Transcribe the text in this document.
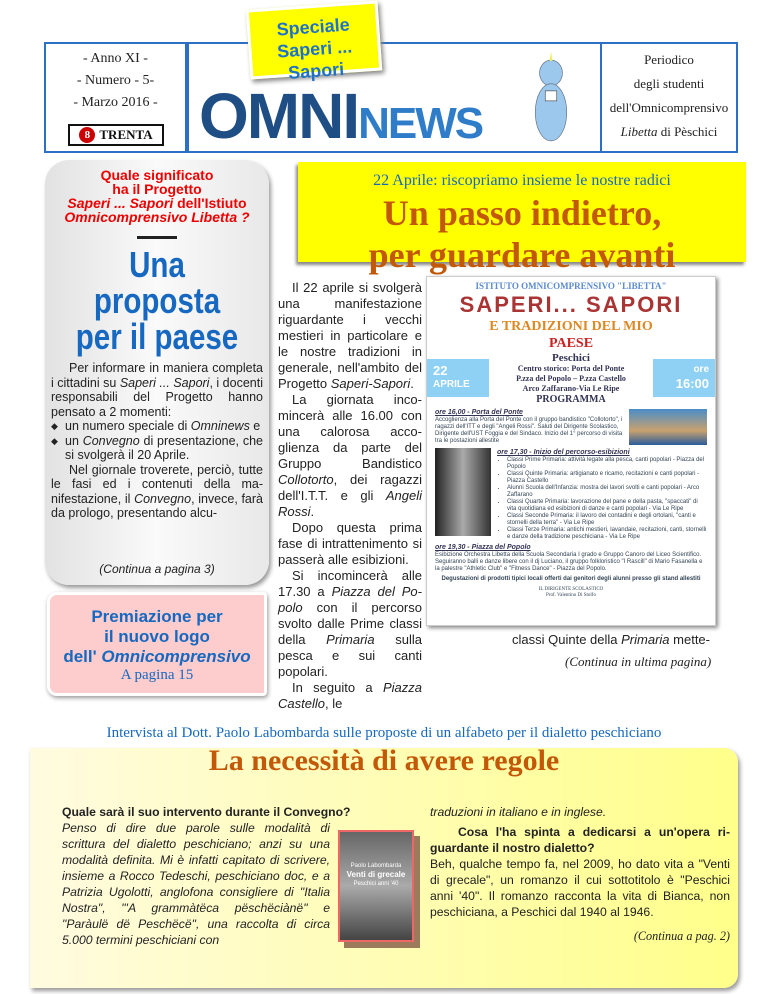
- Anno XI -
- Numero - 5-
- Marzo 2016 -
8 TRENTA OMNINEWS
Periodico
degli studenti
dell'Omnicomprensivo
Libetta di Pèschici
Speciale
Saperi ... Sapori
Quale significato
ha il Progetto
Saperi ... Sapori dell'Istiuto
Omnicomprensivo Libetta ?
Una proposta
per il paese

Per informare in maniera completa i cittadini su Saperi ... Sapori, i docenti responsabili del Progetto hanno pensato a 2 momenti:

◆ un numero speciale di Omninews e
◆ un Convegno di presentazione, che si svolgerà il 20 Aprile.

Nel giornale troverete, perciò, tutte le fasi ed i contenuti della manifestazione, il Convegno, invece, farà da prologo, presentando alcu-

(Continua a pagina 3)
Premiazione per
il nuovo logo
dell' Omnicomprensivo
A pagina 15
22 Aprile: riscopriamo insieme le nostre radici
Un passo indietro,
per guardare avanti

Il 22 aprile si svolgerà una manifestazione riguardante i vecchi mestieri in particolare e le nostre tradizioni in generale, nell'ambito del Progetto Saperi-Sapori.

La giornata incomincerà alle 16.00 con una calorosa accoglienza da parte del Gruppo Bandistico Collotorto, dei ragazzi dell'I.T.T. e gli Angeli Rossi.

Dopo questa prima fase di intrattenimento si passerà alle esibizioni.

Si incomincerà alle 17.30 a Piazza del Popolo con il percorso svolto dalle Prime classi della Primaria sulla pesca e sui canti popolari.

In seguito a Piazza Castello, le

classi Quinte della Primaria mette-
(Continua in ultima pagina)
ISTITUTO OMNICOMPRENSIVO "LIBETTA"
SAPERI... SAPORI
E TRADIZIONI DEL MIO
PAESE
22
APRILE
ore
16:00
Peschici
Centro storico: Porta del Ponte
P.zza del Popolo – P.zza Castello
Arco Zaffarano-Via Le Ripe
PROGRAMMA
ore 16,00 - Porta del Ponte
Accoglienza alla Porta del Ponte con il gruppo bandistico "Collotorto", i ragazzi dell'ITT e degli "Angeli Rossi". Saluti del Dirigente Scolastico, Dirigente dell'UST Foggia e del Sindaco. Inizio del 1° percorso di visita tra le postazioni allestite
ore 17,30 - Inizio del percorso-esibizioni
• Classi Prime Primaria: attività legate alla pesca, canti popolari - Piazza del Popolo
• Classi Quinte Primaria: artigianato e ricamo, recitazioni e canti popolari - Piazza Castello
• Alunni Scuola dell'Infanzia: mostra dei lavori svolti e canti popolari - Arco Zaffarano
• Classi Quarte Primaria: lavorazione del pane e della pasta, "spaccati" di vita quotidiana ed esibizioni di danze e canti popolari - Via Le Ripe
• Classi Seconde Primaria: il lavoro dei contadini e degli ortolani, "canti e stornelli della terra" - Via Le Ripe
• Classi Terze Primaria: antichi mestieri, lavandaie, recitazioni, canti, stornelli e danze della tradizione peschiciana - Via Le Ripe
ore 19,30 - Piazza del Popolo
Esibizione Orchestra Libetta della Scuola Secondaria I grado e Gruppo Canoro del Liceo Scientifico. Seguiranno balli e danze libere con il dj Luciano, il gruppo folkloristico "I Rascill" di Mario Fasanella e la palestre "Athletic Club" e "Fitness Dance" - Piazza del Popolo.
Degustazioni di prodotti tipici locali offerti dai genitori degli alunni presso gli stand allestiti
IL DIRIGENTE SCOLASTICO
Prof. Valentino Di Stolfo
Intervista al Dott. Paolo Labombarda sulle proposte di un alfabeto per il dialetto peschiciano
La necessità di avere regole
Quale sarà il suo intervento durante il Convegno?
Penso di dire due parole sulle modalità di scrittura del dialetto peschiciano; anzi su una modalità definita. Mi è infatti capitato di scrivere, insieme a Rocco Tedeschi, peschiciano doc, e a Patrizia Ugolotti, anglofona consigliere di "Italia Nostra", "'A grammàtëca pëschëciànë" e "Paràulë dë Peschëcë", una raccolta di circa 5.000 termini peschiciani con
Paolo Labombarda
Venti di grecale
Peschici anni '40
traduzioni in italiano e in inglese.
Cosa l'ha spinta a dedicarsi a un'opera riguardante il nostro dialetto?
Beh, qualche tempo fa, nel 2009, ho dato vita a "Venti di grecale", un romanzo il cui sottotitolo è "Peschici anni '40". Il romanzo racconta la vita di Bianca, non peschiciana, a Peschici dal 1940 al 1946.
(Continua a pag. 2)
